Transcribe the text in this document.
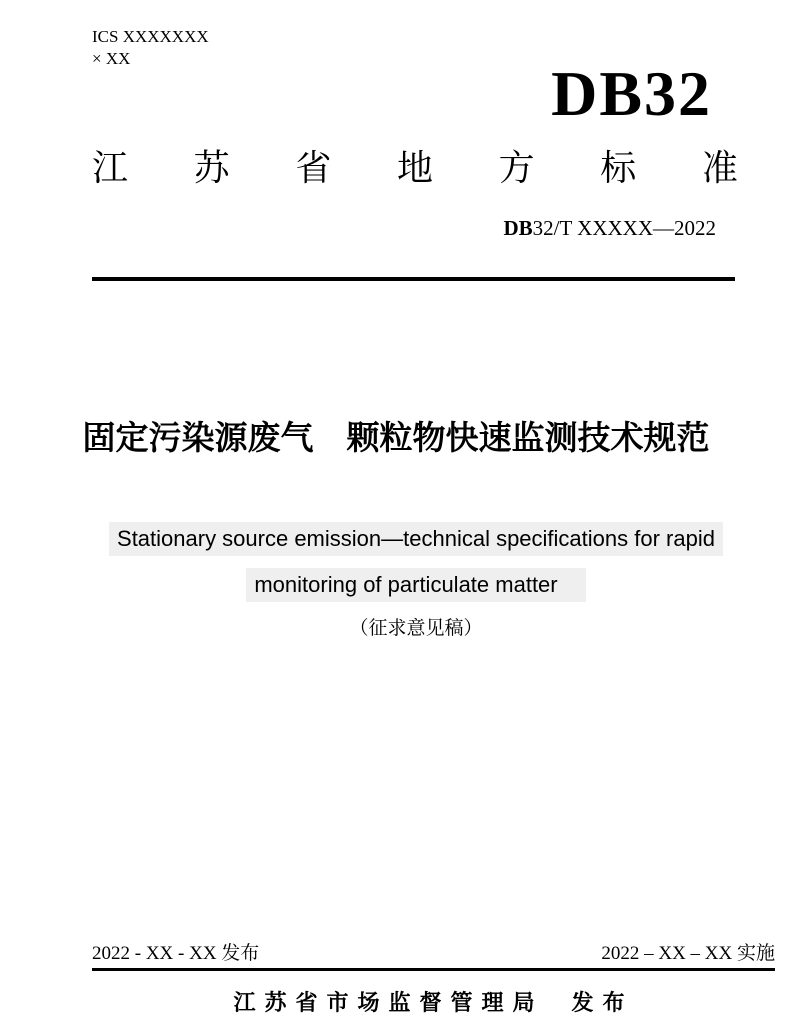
ICS XXXXXXX
× XX	DB32
江 苏 省 地 方 标 准
DB32/T XXXXX—2022
固定污染源废气　颗粒物快速监测技术规范
Stationary source emission—technical specifications for rapid
monitoring of particulate matter
（征求意见稿）
2022 - XX - XX 发布	2022 – XX – XX 实施
江苏省市场监督管理局 发布
